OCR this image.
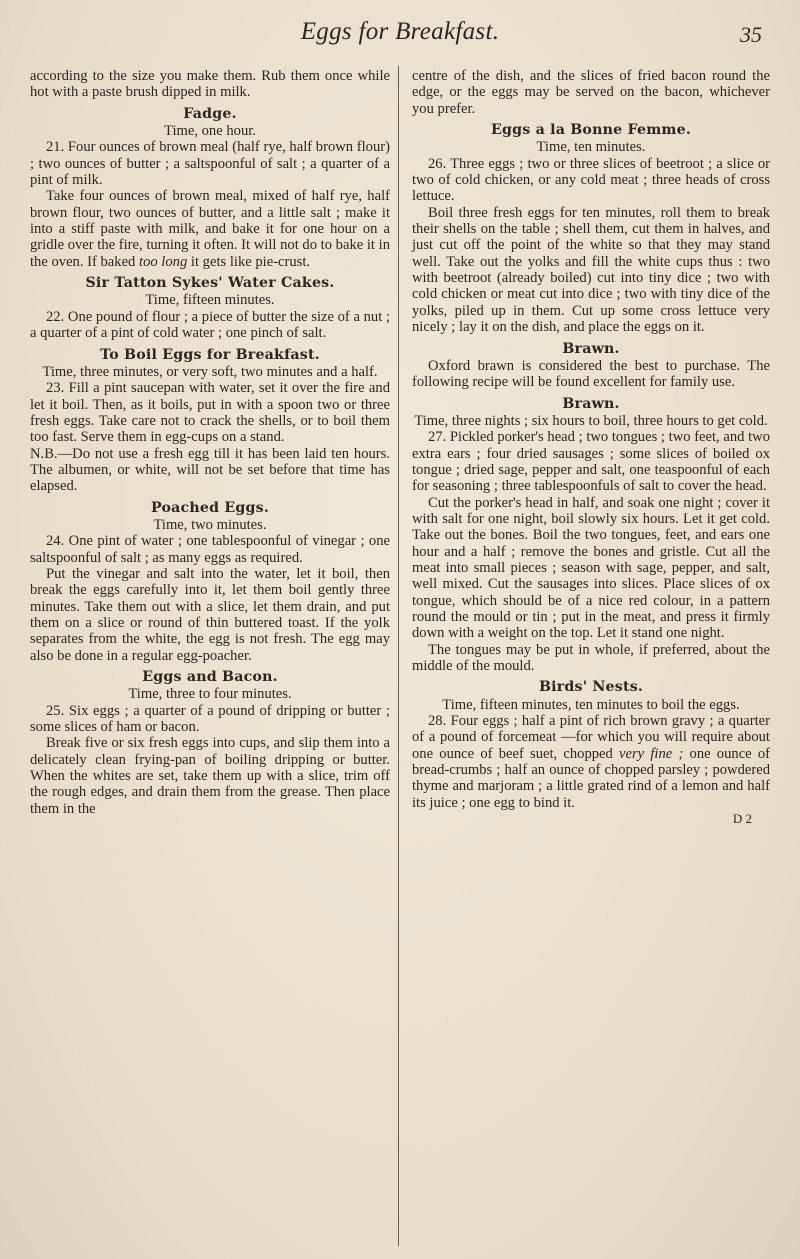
Eggs for Breakfast.	35

according to the size you make them. Rub them once while hot with a paste brush dipped in milk.

Fadge.

Time, one hour.

21. Four ounces of brown meal (half rye, half brown flour) ; two ounces of butter ; a saltspoonful of salt ; a quarter of a pint of milk.

Take four ounces of brown meal, mixed of half rye, half brown flour, two ounces of butter, and a little salt ; make it into a stiff paste with milk, and bake it for one hour on a gridle over the fire, turning it often. It will not do to bake it in the oven. If baked too long it gets like pie-crust.

Sir Tatton Sykes' Water Cakes.

Time, fifteen minutes.

22. One pound of flour ; a piece of butter the size of a nut ; a quarter of a pint of cold water ; one pinch of salt.

To Boil Eggs for Breakfast.

Time, three minutes, or very soft, two minutes and a half.

23. Fill a pint saucepan with water, set it over the fire and let it boil. Then, as it boils, put in with a spoon two or three fresh eggs. Take care not to crack the shells, or to boil them too fast. Serve them in egg-cups on a stand.

N.B.—Do not use a fresh egg till it has been laid ten hours. The albumen, or white, will not be set before that time has elapsed.

Poached Eggs.

Time, two minutes.

24. One pint of water ; one tablespoonful of vinegar ; one saltspoonful of salt ; as many eggs as required.

Put the vinegar and salt into the water, let it boil, then break the eggs carefully into it, let them boil gently three minutes. Take them out with a slice, let them drain, and put them on a slice or round of thin buttered toast. If the yolk separates from the white, the egg is not fresh. The egg may also be done in a regular egg-poacher.

Eggs and Bacon.

Time, three to four minutes.

25. Six eggs ; a quarter of a pound of dripping or butter ; some slices of ham or bacon.

Break five or six fresh eggs into cups, and slip them into a delicately clean frying-pan of boiling dripping or butter. When the whites are set, take them up with a slice, trim off the rough edges, and drain them from the grease. Then place them in the

centre of the dish, and the slices of fried bacon round the edge, or the eggs may be served on the bacon, whichever you prefer.

Eggs a la Bonne Femme.

Time, ten minutes.

26. Three eggs ; two or three slices of beetroot ; a slice or two of cold chicken, or any cold meat ; three heads of cross lettuce.

Boil three fresh eggs for ten minutes, roll them to break their shells on the table ; shell them, cut them in halves, and just cut off the point of the white so that they may stand well. Take out the yolks and fill the white cups thus : two with beetroot (already boiled) cut into tiny dice ; two with cold chicken or meat cut into dice ; two with tiny dice of the yolks, piled up in them. Cut up some cross lettuce very nicely ; lay it on the dish, and place the eggs on it.

Brawn.

Oxford brawn is considered the best to purchase. The following recipe will be found excellent for family use.

Brawn.

Time, three nights ; six hours to boil, three hours to get cold.

27. Pickled porker's head ; two tongues ; two feet, and two extra ears ; four dried sausages ; some slices of boiled ox tongue ; dried sage, pepper and salt, one teaspoonful of each for seasoning ; three tablespoonfuls of salt to cover the head.

Cut the porker's head in half, and soak one night ; cover it with salt for one night, boil slowly six hours. Let it get cold. Take out the bones. Boil the two tongues, feet, and ears one hour and a half ; remove the bones and gristle. Cut all the meat into small pieces ; season with sage, pepper, and salt, well mixed. Cut the sausages into slices. Place slices of ox tongue, which should be of a nice red colour, in a pattern round the mould or tin ; put in the meat, and press it firmly down with a weight on the top. Let it stand one night.

The tongues may be put in whole, if preferred, about the middle of the mould.

Birds' Nests.

Time, fifteen minutes, ten minutes to boil the eggs.

28. Four eggs ; half a pint of rich brown gravy ; a quarter of a pound of forcemeat —for which you will require about one ounce of beef suet, chopped very fine ; one ounce of bread-crumbs ; half an ounce of chopped parsley ; powdered thyme and marjoram ; a little grated rind of a lemon and half its juice ; one egg to bind it.

D 2
